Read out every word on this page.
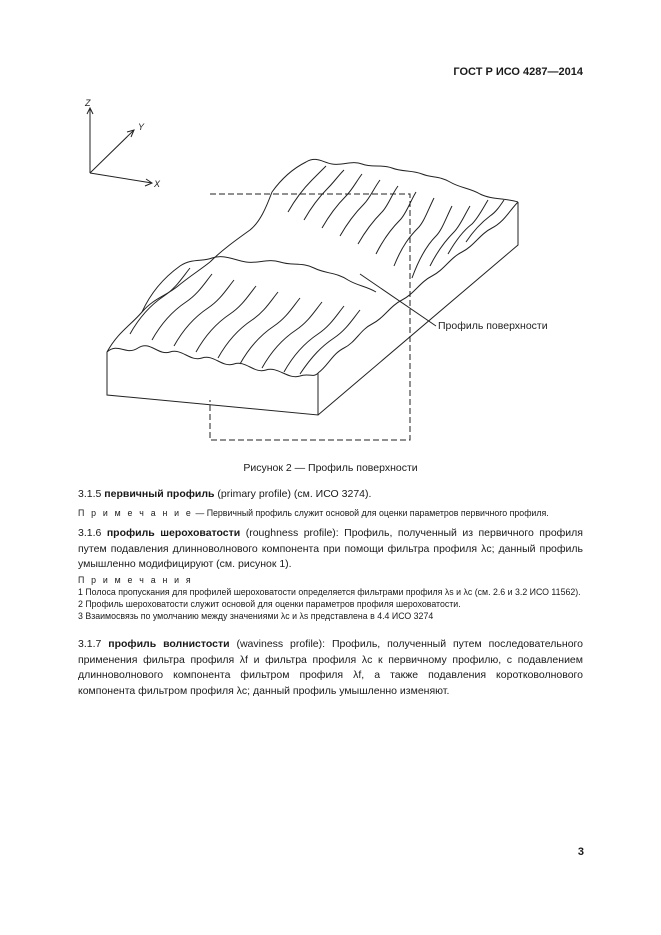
ГОСТ Р ИСО 4287—2014
Z
Y
X
Профиль поверхности
Рисунок 2 — Профиль поверхности
3.1.5 первичный профиль (primary profile) (см. ИСО 3274).
П р и м е ч а н и е — Первичный профиль служит основой для оценки параметров первичного профиля.
3.1.6 профиль шероховатости (roughness profile): Профиль, полученный из первичного профиля путем подавления длинноволнового компонента при помощи фильтра профиля λc; данный профиль умышленно модифицируют (см. рисунок 1).
П р и м е ч а н и я
1 Полоса пропускания для профилей шероховатости определяется фильтрами профиля λs и λc (см. 2.6 и 3.2 ИСО 11562).
2 Профиль шероховатости служит основой для оценки параметров профиля шероховатости.
3 Взаимосвязь по умолчанию между значениями λc и λs представлена в 4.4 ИСО 3274
3.1.7 профиль волнистости (waviness profile): Профиль, полученный путем последовательного применения фильтра профиля λf и фильтра профиля λc к первичному профилю, с подавлением длинноволнового компонента фильтром профиля λf, а также подавления коротковолнового компонента фильтром профиля λc; данный профиль умышленно изменяют.
3
